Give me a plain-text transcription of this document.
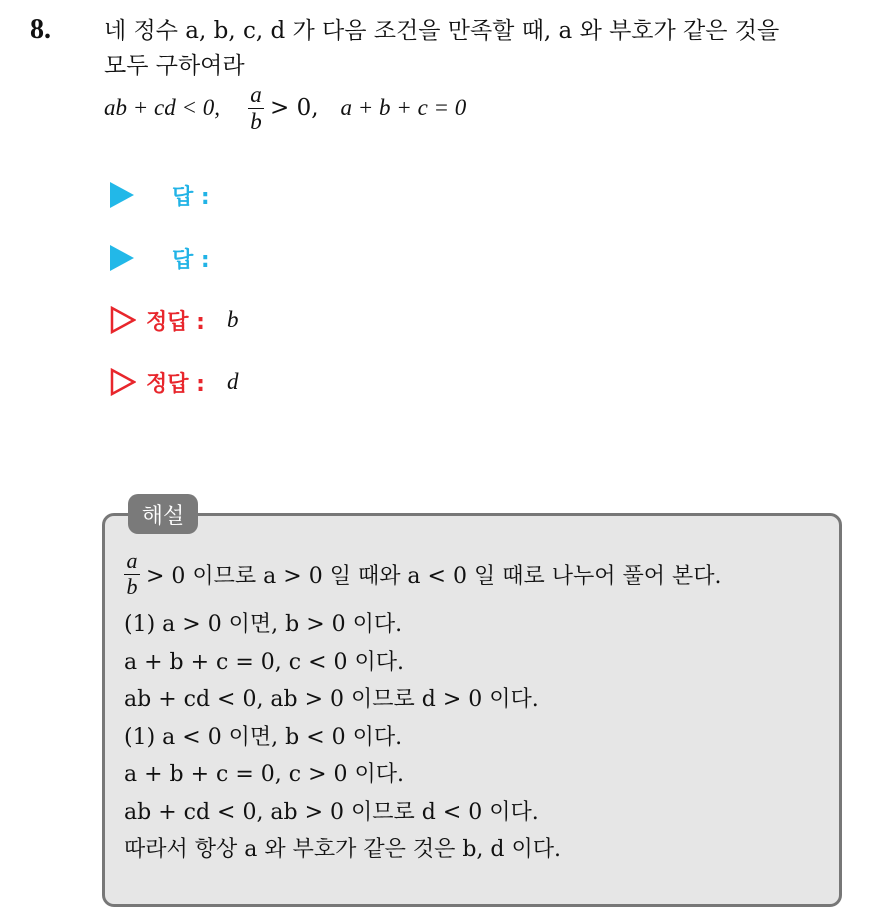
8. 네 정수 a, b, c, d 가 다음 조건을 만족할 때, a 와 부호가 같은 것을
모두 구하여라
ab + cd < 0, $\frac{a}{b} > 0$, a + b + c = 0
답 :
답 :
정답 : b
정답 : d
해설
$\frac{a}{b} > 0$ 이므로 a > 0 일 때와 a < 0 일 때로 나누어 풀어 본다.
(1) a > 0 이면, b > 0 이다.
a + b + c = 0, c < 0 이다.
ab + cd < 0, ab > 0 이므로 d > 0 이다.
(1) a < 0 이면, b < 0 이다.
a + b + c = 0, c > 0 이다.
ab + cd < 0, ab > 0 이므로 d < 0 이다.
따라서 항상 a 와 부호가 같은 것은 b, d 이다.
